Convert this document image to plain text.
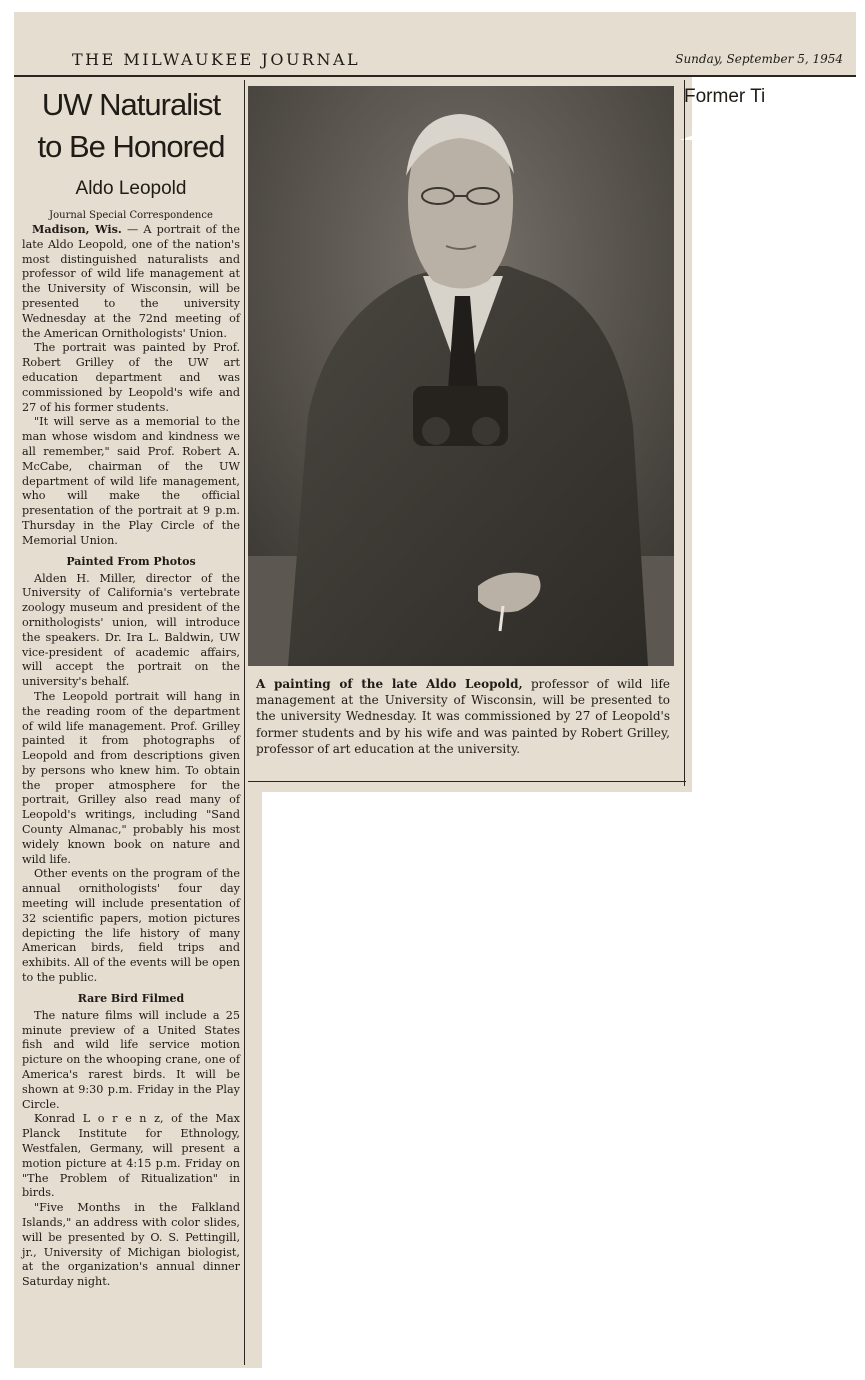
THE MILWAUKEE JOURNAL	Sunday, September 5, 1954
Former Ti

UW Naturalist

to Be Honored

Aldo Leopold

Journal Special Correspondence

Madison, Wis. — A portrait of the late Aldo Leopold, one of the nation's most distinguished naturalists and professor of wild life management at the University of Wisconsin, will be presented to the university Wednesday at the 72nd meeting of the American Ornithologists' Union.

The portrait was painted by Prof. Robert Grilley of the UW art education department and was commissioned by Leopold's wife and 27 of his former students.

"It will serve as a memorial to the man whose wisdom and kindness we all remember," said Prof. Robert A. McCabe, chairman of the UW department of wild life management, who will make the official presentation of the portrait at 9 p.m. Thursday in the Play Circle of the Memorial Union.

Painted From Photos

Alden H. Miller, director of the University of California's vertebrate zoology museum and president of the ornithologists' union, will introduce the speakers. Dr. Ira L. Baldwin, UW vice-president of academic affairs, will accept the portrait on the university's behalf.

The Leopold portrait will hang in the reading room of the department of wild life management. Prof. Grilley painted it from photographs of Leopold and from descriptions given by persons who knew him. To obtain the proper atmosphere for the portrait, Grilley also read many of Leopold's writings, including "Sand County Almanac," probably his most widely known book on nature and wild life.

Other events on the program of the annual ornithologists' four day meeting will include presentation of 32 scientific papers, motion pictures depicting the life history of many American birds, field trips and exhibits. All of the events will be open to the public.

Rare Bird Filmed

The nature films will include a 25 minute preview of a United States fish and wild life service motion picture on the whooping crane, one of America's rarest birds. It will be shown at 9:30 p.m. Friday in the Play Circle.

Konrad L o r e n z, of the Max Planck Institute for Ethnology, Westfalen, Germany, will present a motion picture at 4:15 p.m. Friday on "The Problem of Ritualization" in birds.

"Five Months in the Falkland Islands," an address with color slides, will be presented by O. S. Pettingill, jr., University of Michigan biologist, at the organization's annual dinner Saturday night.

A painting of the late Aldo Leopold, professor of wild life management at the University of Wisconsin, will be presented to the university Wednesday. It was commissioned by 27 of Leopold's former students and by his wife and was painted by Robert Grilley, professor of art education at the university.
